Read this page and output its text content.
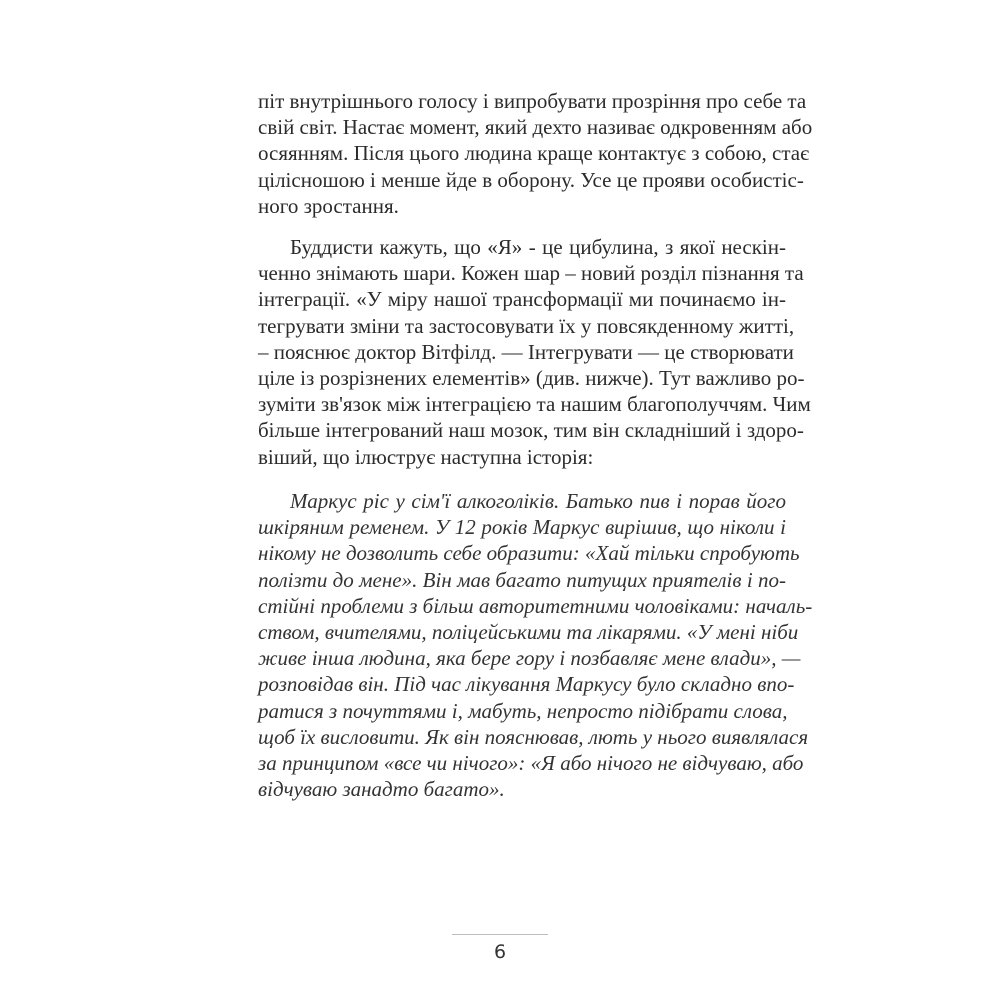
піт внутрішнього голосу і випробувати прозріння про себе та
свій світ. Настає момент, який дехто називає одкровенням або
осяянням. Після цього людина краще контактує з собою, стає
цілісношою і менше йде в оборону. Усе це прояви особистіс-
ного зростання.
Буддисти кажуть, що «Я» - це цибулина, з якої нескін-
ченно знімають шари. Кожен шар – новий розділ пізнання та
інтеграції. «У міру нашої трансформації ми починаємо ін-
тегрувати зміни та застосовувати їх у повсякденному житті,
– пояснює доктор Вітфілд. — Інтегрувати — це створювати
ціле із розрізнених елементів» (див. нижче). Тут важливо ро-
зуміти зв'язок між інтеграцією та нашим благополуччям. Чим
більше інтегрований наш мозок, тим він складніший і здоро-
віший, що ілюструє наступна історія:
Маркус ріс у сім'ї алкоголіків. Батько пив і порав його
шкіряним ременем. У 12 років Маркус вирішив, що ніколи і
нікому не дозволить себе образити: «Хай тільки спробують
полізти до мене». Він мав багато питущих приятелів і по-
стійні проблеми з більш авторитетними чоловіками: началь-
ством, вчителями, поліцейськими та лікарями. «У мені ніби
живе інша людина, яка бере гору і позбавляє мене влади», —
розповідав він. Під час лікування Маркусу було складно впо-
ратися з почуттями і, мабуть, непросто підібрати слова,
щоб їх висловити. Як він пояснював, лють у нього виявлялася
за принципом «все чи нічого»: «Я або нічого не відчуваю, або
відчуваю занадто багато».
6
